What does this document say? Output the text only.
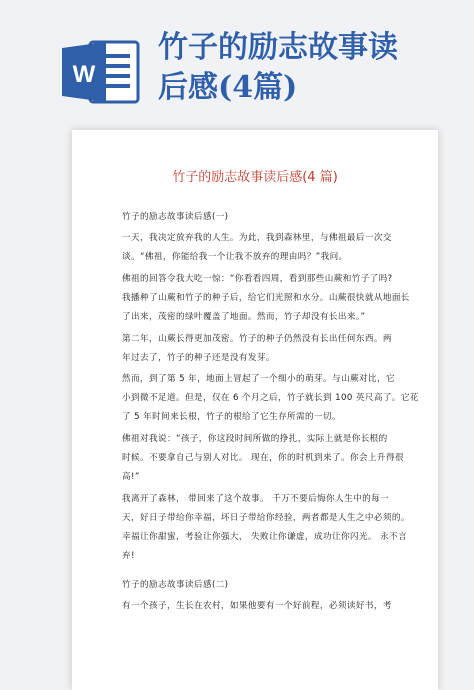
W
竹子的励志故事读
后感(4篇)
竹子的励志故事读后感(4 篇)
竹子的励志故事读后感(一)
一天，我决定放弃我的人生。为此，我到森林里，与佛祖最后一次交
谈。“佛祖，你能给我一个让我不放弃的理由吗？”我问。
佛祖的回答令我大吃一惊：“你看看四周，看到那些山蕨和竹子了吗?
我播种了山蕨和竹子的种子后，给它们光照和水分。山蕨很快就从地面长
了出来，茂密的绿叶覆盖了地面。然而，竹子却没有长出来。”
第二年，山蕨长得更加茂密。竹子的种子仍然没有长出任何东西。两
年过去了，竹子的种子还是没有发芽。
然而，到了第 5 年，地面上冒起了一个细小的萌芽。与山蕨对比，它
小到微不足道。但是，仅在 6 个月之后，竹子就长到 100 英尺高了。它花
了 5 年时间来长根，竹子的根给了它生存所需的一切。
佛祖对我说：“孩子，你这段时间所做的挣扎，实际上就是你长根的
时候。不要拿自己与别人对比。 现在，你的时机到来了。你会上升得很
高!”
我离开了森林， 带回来了这个故事。 千万不要后悔你人生中的每一
天，好日子带给你幸福，坏日子带给你经验，两者都是人生之中必须的。
幸福让你甜蜜，考验让你强大， 失败让你谦虚，成功让你闪光。 永不言
弃!
竹子的励志故事读后感(二)
有一个孩子，生长在农村，如果他要有一个好前程，必须读好书，考
